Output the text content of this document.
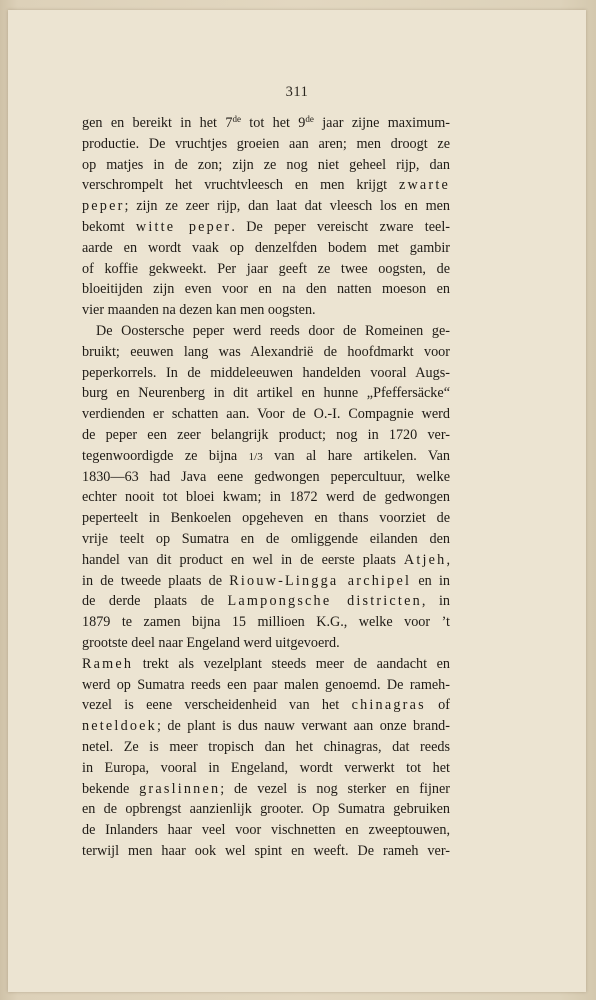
311
gen en bereikt in het 7de tot het 9de jaar zijne maximum-
productie. De vruchtjes groeien aan aren; men droogt ze
op matjes in de zon; zijn ze nog niet geheel rijp, dan
verschrompelt het vruchtvleesch en men krijgt zwarte
peper; zijn ze zeer rijp, dan laat dat vleesch los en men
bekomt witte peper. De peper vereischt zware teel-
aarde en wordt vaak op denzelfden bodem met gambir
of koffie gekweekt. Per jaar geeft ze twee oogsten, de
bloeitijden zijn even voor en na den natten moeson en
vier maanden na dezen kan men oogsten.
De Oostersche peper werd reeds door de Romeinen ge-
bruikt; eeuwen lang was Alexandrië de hoofdmarkt voor
peperkorrels. In de middeleeuwen handelden vooral Augs-
burg en Neurenberg in dit artikel en hunne „Pfeffersäcke“
verdienden er schatten aan. Voor de O.-I. Compagnie werd
de peper een zeer belangrijk product; nog in 1720 ver-
tegenwoordigde ze bijna 1/3 van al hare artikelen. Van
1830—63 had Java eene gedwongen pepercultuur, welke
echter nooit tot bloei kwam; in 1872 werd de gedwongen
peperteelt in Benkoelen opgeheven en thans voorziet de
vrije teelt op Sumatra en de omliggende eilanden den
handel van dit product en wel in de eerste plaats Atjeh,
in de tweede plaats de Riouw-Lingga archipel en in
de derde plaats de Lampongsche districten, in
1879 te zamen bijna 15 millioen K.G., welke voor ’t
grootste deel naar Engeland werd uitgevoerd.
Rameh trekt als vezelplant steeds meer de aandacht en
werd op Sumatra reeds een paar malen genoemd. De rameh-
vezel is eene verscheidenheid van het chinagras of
neteldoek; de plant is dus nauw verwant aan onze brand-
netel. Ze is meer tropisch dan het chinagras, dat reeds
in Europa, vooral in Engeland, wordt verwerkt tot het
bekende graslinnen; de vezel is nog sterker en fijner
en de opbrengst aanzienlijk grooter. Op Sumatra gebruiken
de Inlanders haar veel voor vischnetten en zweeptouwen,
terwijl men haar ook wel spint en weeft. De rameh ver-
